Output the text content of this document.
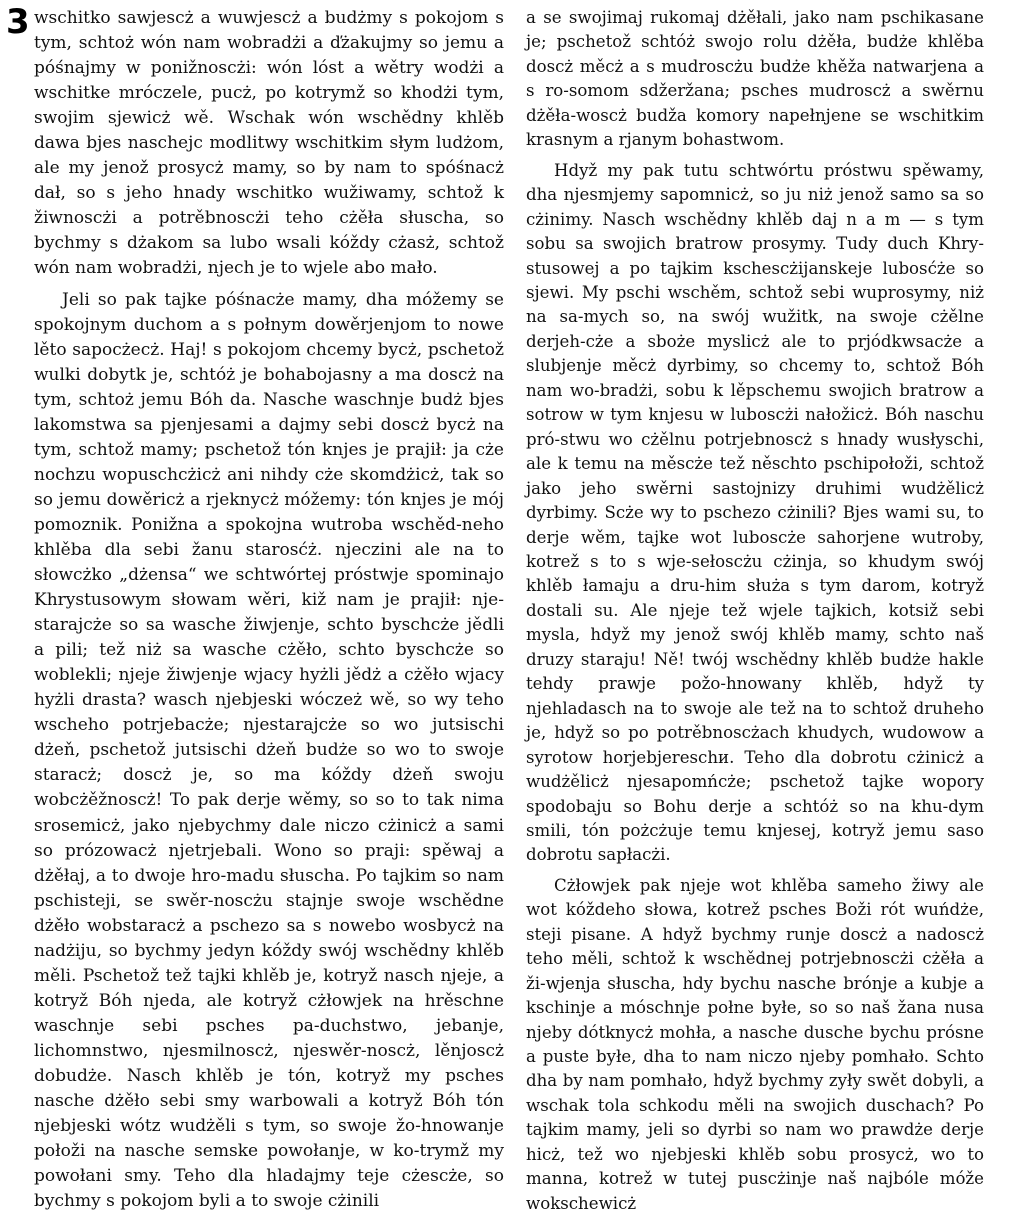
3 wschitko sawjescż a wuwjescż a budżmy s pokojom s tym, schtoż wón nam wobradżi a ďżakujmy so jemu a póśnajmy w ponižnoscżi: wón lóst a wětry wodżi a wschitke mróczele, pucż, po kotrymž so khodżi tym, swojim sjewicż wě. Wschak wón wschědny khlěb dawa bjes naschejc modlitwy wschitkim słym ludżom, ale my jenož prosycż mamy, so by nam to spóśnacż dał, so s jeho hnady wschitko wužiwamy, schtož k žiwnoscżi a potrěbnoscżi teho cżěła słuscha, so bychmy s dżakom sa lubo wsali kóždy cżasż, schtož wón nam wobradżi, njech je to wjele abo mało.

Jeli so pak tajke póśnacże mamy, dha móžemy se spokojnym duchom a s połnym dowěrjenjom to nowe lěto sapocżecż. Haj! s pokojom chcemy bycż, pschetož wulki dobytk je, schtóż je bohabojasny a ma doscż na tym, schtoż jemu Bóh da. Nasche waschnje budż bjes lakomstwa sa pjenjesami a dajmy sebi doscż bycż na tym, schtož mamy; pschetož tón knjes je prajił: ja cże nochzu wopuschcżicż ani nihdy cże skomdżicż, tak so so jemu dowěricż a rjeknycż móžemy: tón knjes je mój pomoznik. Ponižna a spokojna wutroba wschěd-neho khlěba dla sebi žanu starosćż. njeczini ale na to słowcżko „dżensa“ we schtwórtej próstwje spominajo Khrystusowym słowam wěri, kiž nam je prajił: nje-starajcże so sa wasche žiwjenje, schto byschcże jědli a pili; tež niż sa wasche cżěło, schto byschcże so woblekli; njeje žiwjenje wjacy hyżli jědż a cżěło wjacy hyżli drasta? wasch njebjeski wóczeż wě, so wy teho wscheho potrjebacże; njestarajcże so wo jutsischi dżeň, pschetož jutsischi dżeň budże so wo to swoje staracż; doscż je, so ma kóždy dżeň swoju wobcżěžnoscż! To pak derje wěmy, so so to tak nima srosemicż, jako njebychmy dale niczo cżinicż a sami so prózowacż njetrjebali. Wono so praji: spěwaj a dżěłaj, a to dwoje hro-madu słuscha. Po tajkim so nam pschisteji, se swěr-noscżu stajnje swoje wschědne dżěło wobstaracż a pschezo sa s nowebo wosbycż na nadżiju, so bychmy jedyn kóždy swój wschědny khlěb měli. Pschetož tež tajki khlěb je, kotryž nasch njeje, a kotryž Bóh njeda, ale kotryž cżłowjek na hrěschne waschnje sebi psches pa-duchstwo, jebanje, lichomnstwo, njesmilnoscż, njeswěr-noscż, lěnjoscż dobudże. Nasch khlěb je tón, kotryž my psches nasche dżěło sebi smy warbowali a kotryž Bóh tón njebjeski wótz wudżěli s tym, so swoje žo-hnowanje połoži na nasche semske powołanje, w ko-trymž my powołani smy. Teho dla hladajmy teje cżescże, so bychmy s pokojom byli a to swoje cżinili

a se swojimaj rukomaj dżěłali, jako nam pschikasane je; pschetož schtóż swojo rolu dżěła, budże khlěba doscż měcż a s mudroscżu budże khěža natwarjena a s ro-somom sdžeržana; psches mudroscż a swěrnu dżěła-woscż budža komory napełnjene se wschitkim krasnym a rjanym bohastwom.

Hdyž my pak tutu schtwórtu próstwu spěwamy, dha njesmjemy sapomnicż, so ju niż jenož samo sa so cżinimy. Nasch wschědny khlěb daj n a m — s tym sobu sa swojich bratrow prosymy. Tudy duch Khry-stusowej a po tajkim kschescżijanskeje lubosćże so sjewi. My pschi wschěm, schtož sebi wuprosymy, niż na sa-mych so, na swój wužitk, na swoje cżělne derjeh-cże a sboże myslicż ale to prjódkwsacże a slubjenje měcż dyrbimy, so chcemy to, schtož Bóh nam wo-bradżi, sobu k lěpschemu swojich bratrow a sotrow w tym knjesu w luboscżi nałožicż. Bóh naschu pró-stwu wo cżělnu potrjebnoscż s hnady wusłyschi, ale k temu na měscże tež něschto pschipołoži, schtož jako jeho swěrni sastojnizy druhimi wudżělicż dyrbimy. Scże wy to pschezo cżinili? Bjes wami su, to derje wěm, tajke wot luboscże sahorjene wutroby, kotrež s to s wje-sełoscżu cżinja, so khudym swój khlěb łamaju a dru-him służa s tym darom, kotryž dostali su. Ale njeje tež wjele tajkich, kotsiž sebi mysla, hdyž my jenož swój khlěb mamy, schto naš druzy staraju! Ně! twój wschědny khlěb budże hakle tehdy prawje požo-hnowany khlěb, hdyž ty njehladasch na to swoje ale tež na to schtož druheho je, hdyž so po potrěbnoscżach khudych, wudowow a syrotow horjebjereschи. Teho dla dobrotu cżinicż a wudżělicż njesapomńcże; pschetož tajke wopory spodobaju so Bohu derje a schtóż so na khu-dym smili, tón pożcżuje temu knjesej, kotryž jemu saso dobrotu sapłacżi.

Cżłowjek pak njeje wot khlěba sameho žiwy ale wot kóždeho słowa, kotrež psches Boži rót wuńdże, steji pisane. A hdyž bychmy runje doscż a nadoscż teho měli, schtož k wschědnej potrjebnoscżi cżěła a ži-wjenja słuscha, hdy bychu nasche brónje a kubje a kschinje a móschnje połne byłe, so so naš žana nusa njeby dótknycż mohła, a nasche dusche bychu prósne a puste byłe, dha to nam niczo njeby pomhało. Schto dha by nam pomhało, hdyž bychmy zyły swět dobyli, a wschak tola schkodu měli na swojich duschach? Po tajkim mamy, jeli so dyrbi so nam wo prawdże derje hicż, tež wo njebjeski khlěb sobu prosycż, wo to manna, kotrež w tutej puscżinje naš najbóle móže wokschewicż
